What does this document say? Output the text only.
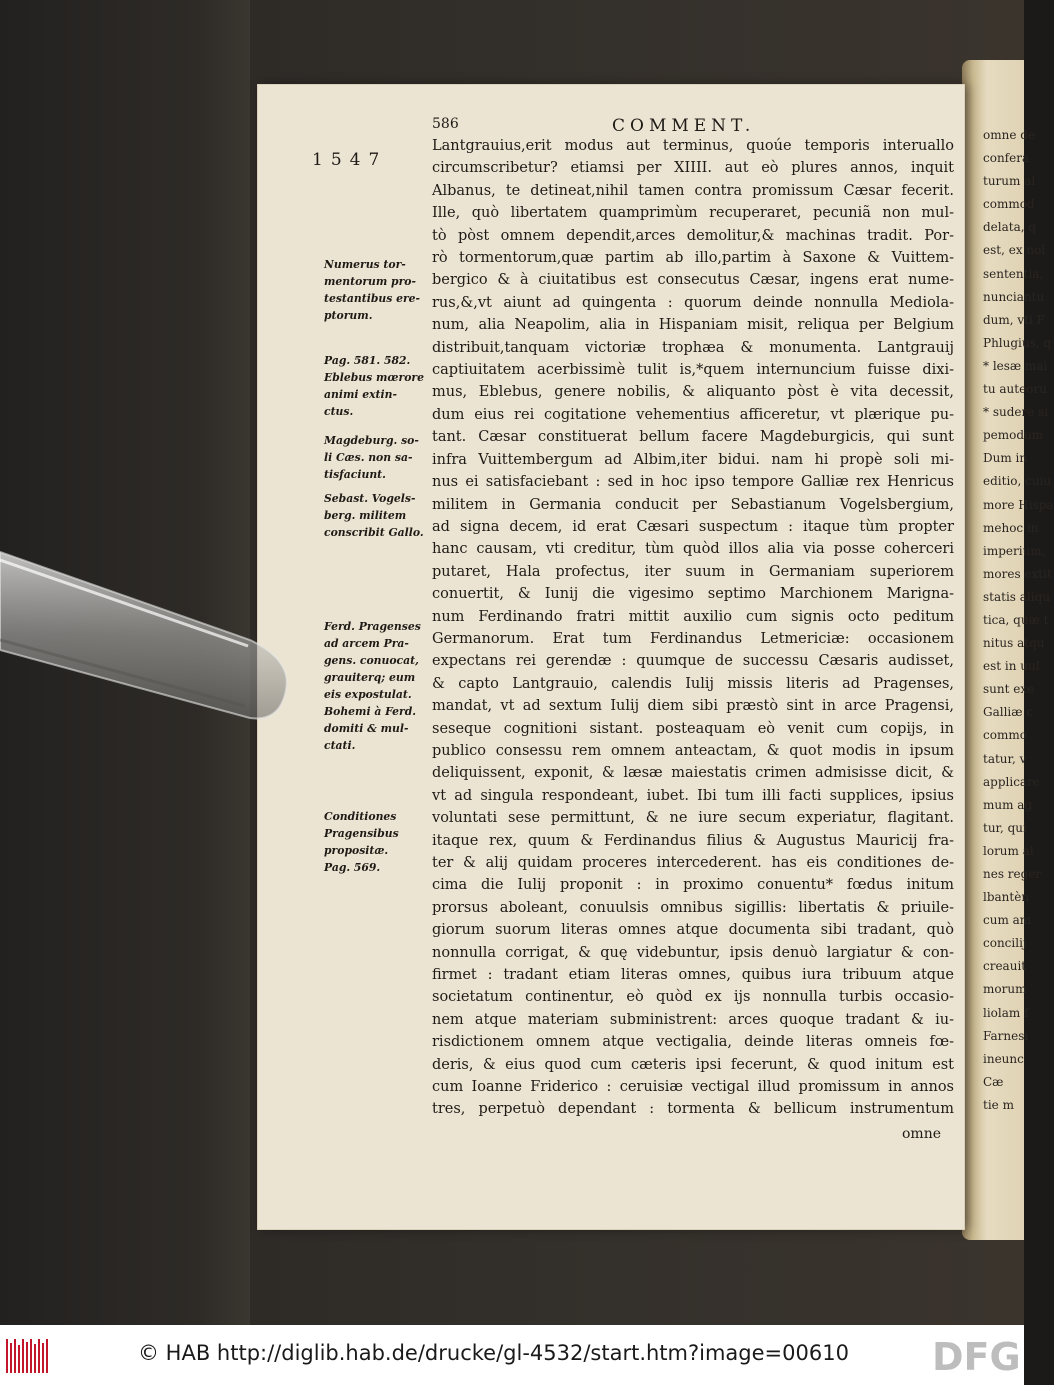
586	COMMENT.
1547
Lantgrauius,erit modus aut terminus, quoúe temporis interuallo
circumscribetur? etiamsi per XIIII. aut eò plures annos, inquit
Albanus, te detineat,nihil tamen contra promissum Cæsar fecerit.
Ille, quò libertatem quamprimùm recuperaret, pecuniã non mul-
tò pòst omnem dependit,arces demolitur,& machinas tradit. Por-
rò tormentorum,quæ partim ab illo,partim à Saxone & Vuittem-
bergico & à ciuitatibus est consecutus Cæsar, ingens erat nume-
rus,&,vt aiunt ad quingenta : quorum deinde nonnulla Mediola-
num, alia Neapolim, alia in Hispaniam misit, reliqua per Belgium
distribuit,tanquam victoriæ trophæa & monumenta. Lantgrauij
captiuitatem acerbissimè tulit is,*quem internuncium fuisse dixi-
mus, Eblebus, genere nobilis, & aliquanto pòst è vita decessit,
dum eius rei cogitatione vehementius afficeretur, vt plærique pu-
tant. Cæsar constituerat bellum facere Magdeburgicis, qui sunt
infra Vuittembergum ad Albim,iter bidui. nam hi propè soli mi-
nus ei satisfaciebant : sed in hoc ipso tempore Galliæ rex Henricus
militem in Germania conducit per Sebastianum Vogelsbergium,
ad signa decem, id erat Cæsari suspectum : itaque tùm propter
hanc causam, vti creditur, tùm quòd illos alia via posse coherceri
putaret, Hala profectus, iter suum in Germaniam superiorem
conuertit, & Iunij die vigesimo septimo Marchionem Marigna-
num Ferdinando fratri mittit auxilio cum signis octo peditum
Germanorum. Erat tum Ferdinandus Letmericiæ: occasionem
expectans rei gerendæ : quumque de successu Cæsaris audisset,
& capto Lantgrauio, calendis Iulij missis literis ad Pragenses,
mandat, vt ad sextum Iulij diem sibi præstò sint in arce Pragensi,
seseque cognitioni sistant. posteaquam eò venit cum copijs, in
publico consessu rem omnem anteactam, & quot modis in ipsum
deliquissent, exponit, & læsæ maiestatis crimen admisisse dicit, &
vt ad singula respondeant, iubet. Ibi tum illi facti supplices, ipsius
voluntati sese permittunt, & ne iure secum experiatur, flagitant.
itaque rex, quum & Ferdinandus filius & Augustus Mauricij fra-
ter & alij quidam proceres intercederent. has eis conditiones de-
cima die Iulij proponit : in proximo conuentu* fœdus initum
prorsus aboleant, conuulsis omnibus sigillis: libertatis & priuile-
giorum suorum literas omnes atque documenta sibi tradant, quò
nonnulla corrigat, & quę videbuntur, ipsis denuò largiatur & con-
firmet : tradant etiam literas omnes, quibus iura tribuum atque
societatum continentur, eò quòd ex ijs nonnulla turbis occasio-
nem atque materiam subministrent: arces quoque tradant & iu-
risdictionem omnem atque vectigalia, deinde literas omneis fœ-
deris, & eius quod cum cæteris ipsi fecerunt, & quod initum est
cum Ioanne Friderico : ceruisiæ vectigal illud promissum in annos
tres, perpetuò dependant : tormenta & bellicum instrumentum
Numerus tor-
mentorum pro-
testantibus ere-
ptorum.
Pag. 581. 582.
Eblebus mœrore
animi extin-
ctus.
Magdeburg. so-
li Cæs. non sa-
tisfaciunt.
Sebast. Vogels-
berg. militem
conscribit Gallo.
Ferd. Pragenses
ad arcem Pra-
gens. conuocat,
grauiterq; eum
eis expostulat.
Bohemi à Ferd.
domiti & mul-
ctati.
Conditiones
Pragensibus
propositæ.
Pag. 569.
omne
omne de
confera
turum ai
commod
delata, q
est, ex nol
sententia,
nunciantu
dum, vti F
Phlugius, q
* lesæ mai
tu auteoru
* sudere si
pemodum
Dum in
editio, cuiu
more Hispa
mehoc in
imperium,
mores extit
statis aliqu
tica, quæ t
nitus atqu
est in uul
sunt exe
Galliæ c
commo
tatur, v
applicare
mum ag
tur, qui
lorum al
nes reger
lbantèn
cum am
concilij
creauit
morum
liolam f
Farnesi
ineunc
Cæ
tie m
© HAB http://diglib.hab.de/drucke/gl-4532/start.htm?image=00610 DFG
